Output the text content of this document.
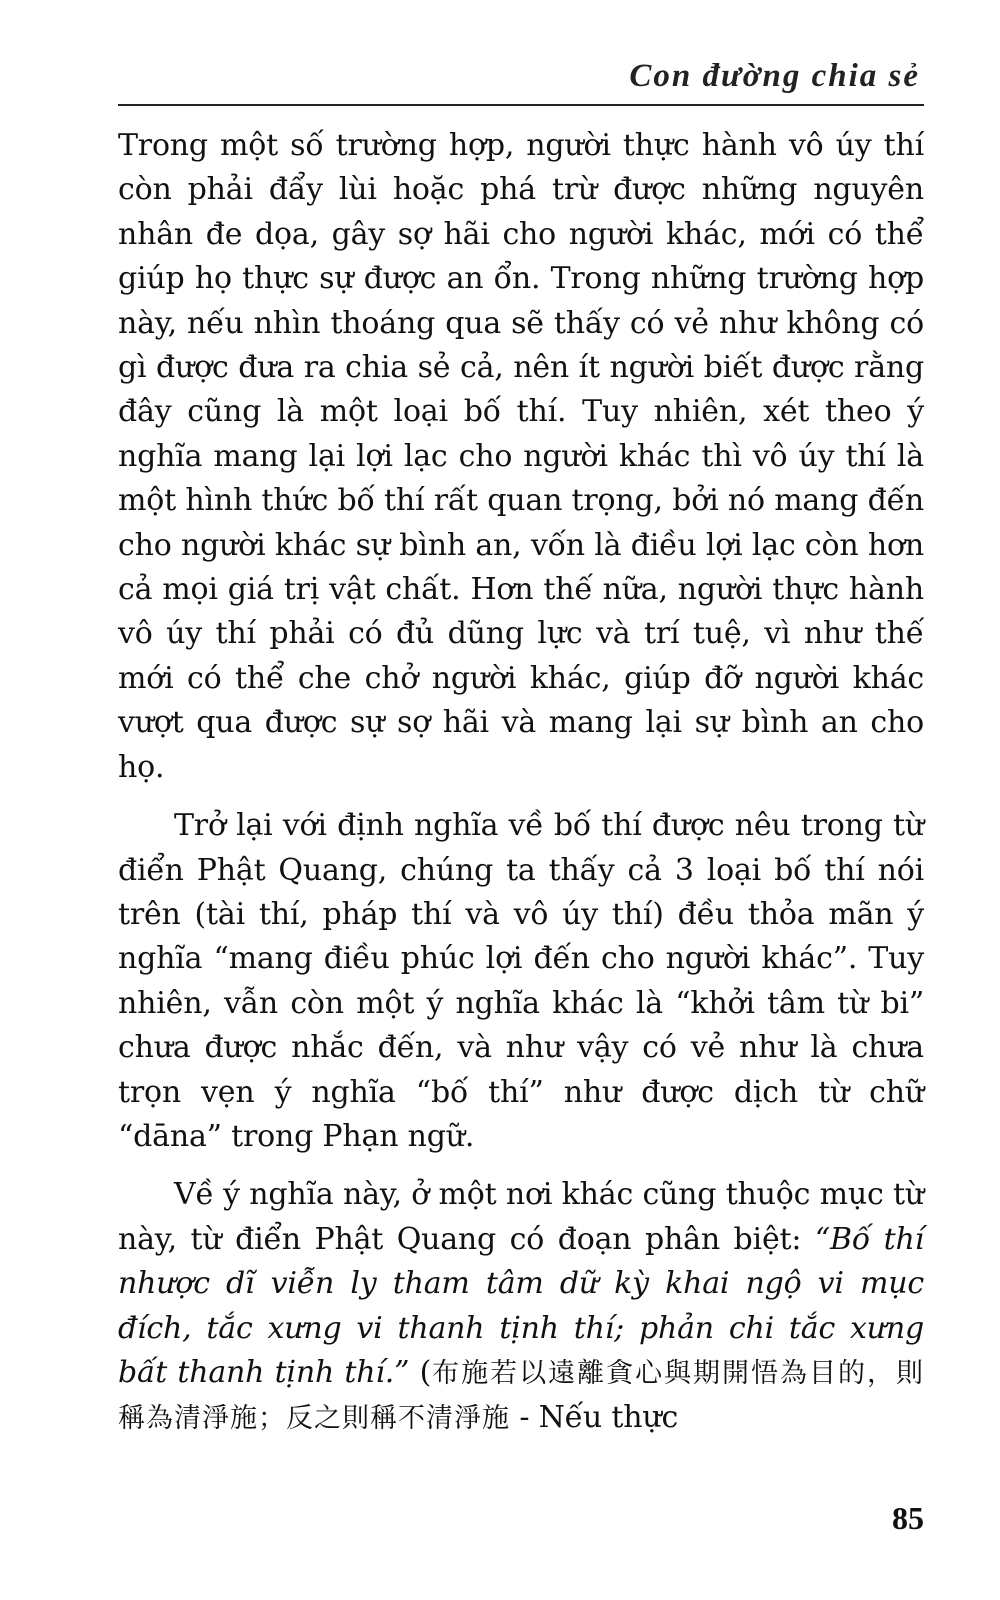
Con đường chia sẻ

Trong một số trường hợp, người thực hành vô úy thí còn phải đẩy lùi hoặc phá trừ được những nguyên nhân đe dọa, gây sợ hãi cho người khác, mới có thể giúp họ thực sự được an ổn. Trong những trường hợp này, nếu nhìn thoáng qua sẽ thấy có vẻ như không có gì được đưa ra chia sẻ cả, nên ít người biết được rằng đây cũng là một loại bố thí. Tuy nhiên, xét theo ý nghĩa mang lại lợi lạc cho người khác thì vô úy thí là một hình thức bố thí rất quan trọng, bởi nó mang đến cho người khác sự bình an, vốn là điều lợi lạc còn hơn cả mọi giá trị vật chất. Hơn thế nữa, người thực hành vô úy thí phải có đủ dũng lực và trí tuệ, vì như thế mới có thể che chở người khác, giúp đỡ người khác vượt qua được sự sợ hãi và mang lại sự bình an cho họ.

Trở lại với định nghĩa về bố thí được nêu trong từ điển Phật Quang, chúng ta thấy cả 3 loại bố thí nói trên (tài thí, pháp thí và vô úy thí) đều thỏa mãn ý nghĩa “mang điều phúc lợi đến cho người khác”. Tuy nhiên, vẫn còn một ý nghĩa khác là “khởi tâm từ bi” chưa được nhắc đến, và như vậy có vẻ như là chưa trọn vẹn ý nghĩa “bố thí” như được dịch từ chữ “dāna” trong Phạn ngữ.

Về ý nghĩa này, ở một nơi khác cũng thuộc mục từ này, từ điển Phật Quang có đoạn phân biệt: “Bố thí nhược dĩ viễn ly tham tâm dữ kỳ khai ngộ vi mục đích, tắc xưng vi thanh tịnh thí; phản chi tắc xưng bất thanh tịnh thí.” (布施若以遠離貪心與期開悟為目的，則稱為清淨施；反之則稱不清淨施 - Nếu thực

85
